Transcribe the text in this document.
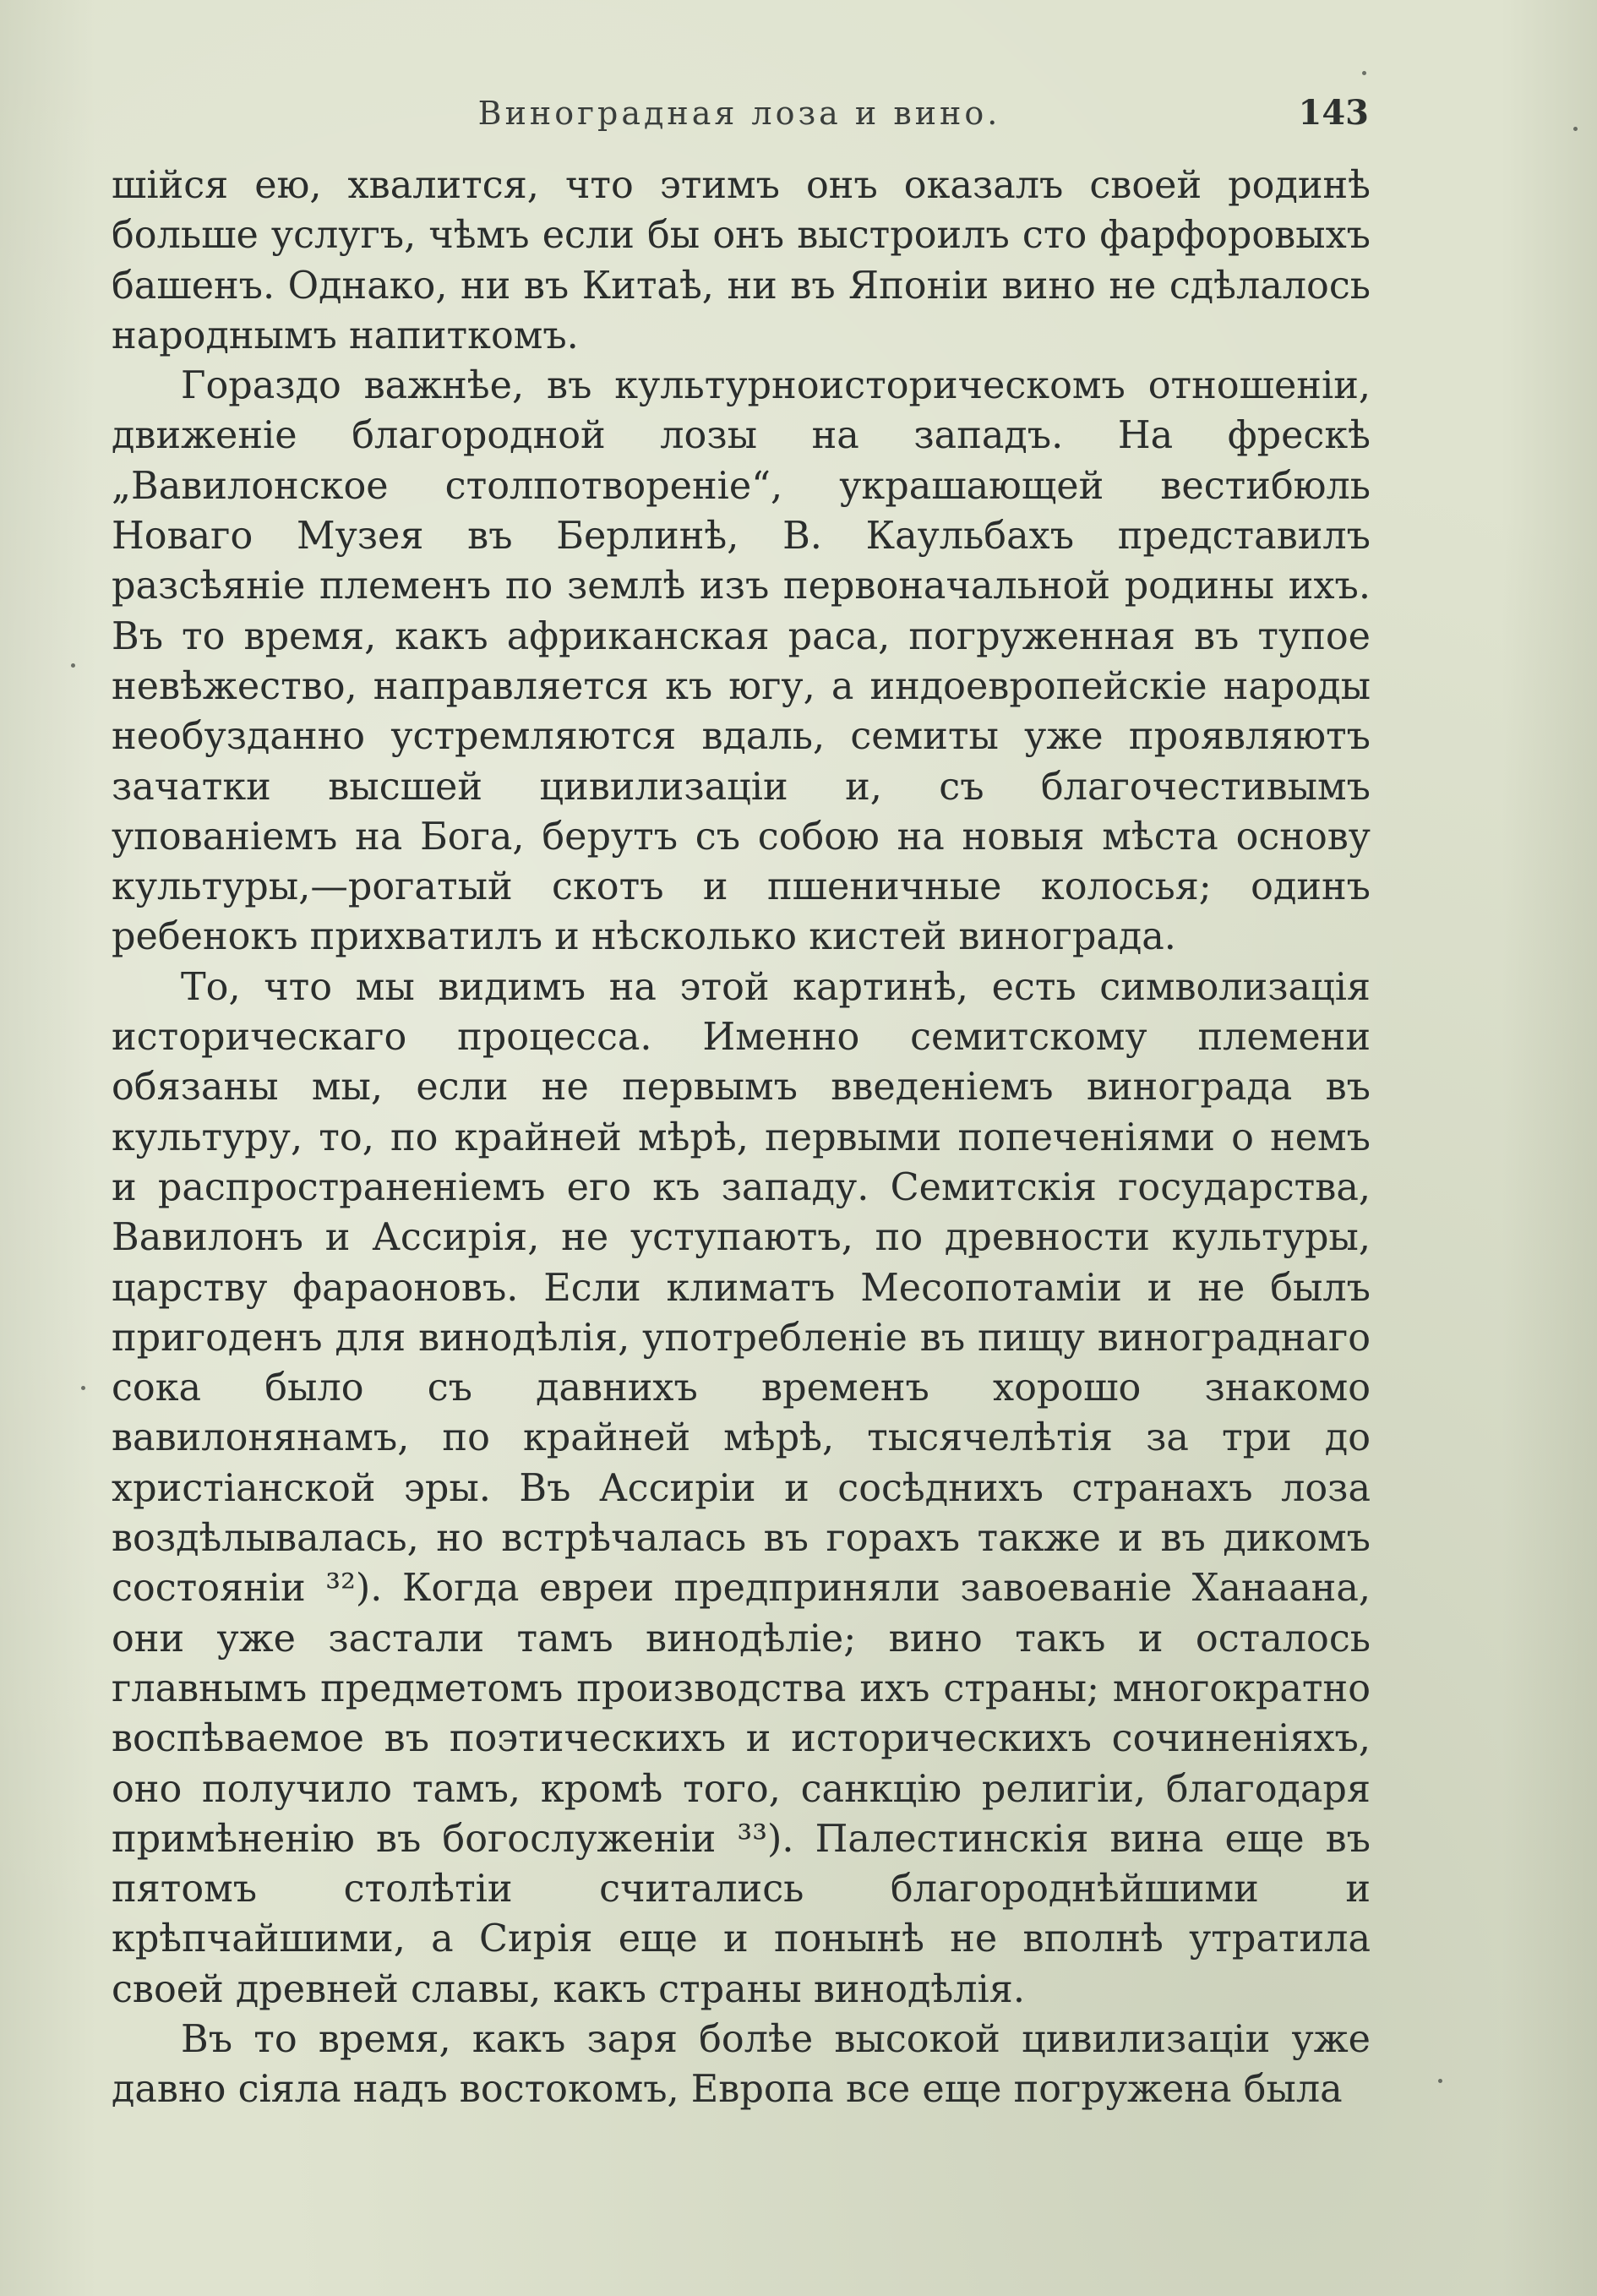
Виноградная лоза и вино.	143

шійся ею, хвалится, что этимъ онъ оказалъ своей родинѣ больше услугъ, чѣмъ если бы онъ выстроилъ сто фарфоровыхъ башенъ. Однако, ни въ Китаѣ, ни въ Японіи вино не сдѣлалось народнымъ напиткомъ.

Гораздо важнѣе, въ культурноисторическомъ отношеніи, движеніе благородной лозы на западъ. На фрескѣ „Вавилонское столпотвореніе“, украшающей вестибюль Новаго Музея въ Берлинѣ, В. Каульбахъ представилъ разсѣяніе племенъ по землѣ изъ первоначальной родины ихъ. Въ то время, какъ африканская раса, погруженная въ тупое невѣжество, направляется къ югу, а индоевропейскіе народы необузданно устремляются вдаль, семиты уже проявляютъ зачатки высшей цивилизаціи и, съ благочестивымъ упованіемъ на Бога, берутъ съ собою на новыя мѣста основу культуры,—рогатый скотъ и пшеничные колосья; одинъ ребенокъ прихватилъ и нѣсколько кистей винограда.

То, что мы видимъ на этой картинѣ, есть символизація историческаго процесса. Именно семитскому племени обязаны мы, если не первымъ введеніемъ винограда въ культуру, то, по крайней мѣрѣ, первыми попеченіями о немъ и распространеніемъ его къ западу. Семитскія государства, Вавилонъ и Ассирія, не уступаютъ, по древности культуры, царству фараоновъ. Если климатъ Месопотаміи и не былъ пригоденъ для винодѣлія, употребленіе въ пищу винограднаго сока было съ давнихъ временъ хорошо знакомо вавилонянамъ, по крайней мѣрѣ, тысячелѣтія за три до христіанской эры. Въ Ассиріи и сосѣднихъ странахъ лоза воздѣлывалась, но встрѣчалась въ горахъ также и въ дикомъ состояніи ³²). Когда евреи предприняли завоеваніе Ханаана, они уже застали тамъ винодѣліе; вино такъ и осталось главнымъ предметомъ производства ихъ страны; многократно воспѣваемое въ поэтическихъ и историческихъ сочиненіяхъ, оно получило тамъ, кромѣ того, санкцію религіи, благодаря примѣненію въ богослуженіи ³³). Палестинскія вина еще въ пятомъ столѣтіи считались благороднѣйшими и крѣпчайшими, а Сирія еще и понынѣ не вполнѣ утратила своей древней славы, какъ страны винодѣлія.

Въ то время, какъ заря болѣе высокой цивилизаціи уже давно сіяла надъ востокомъ, Европа все еще погружена была
